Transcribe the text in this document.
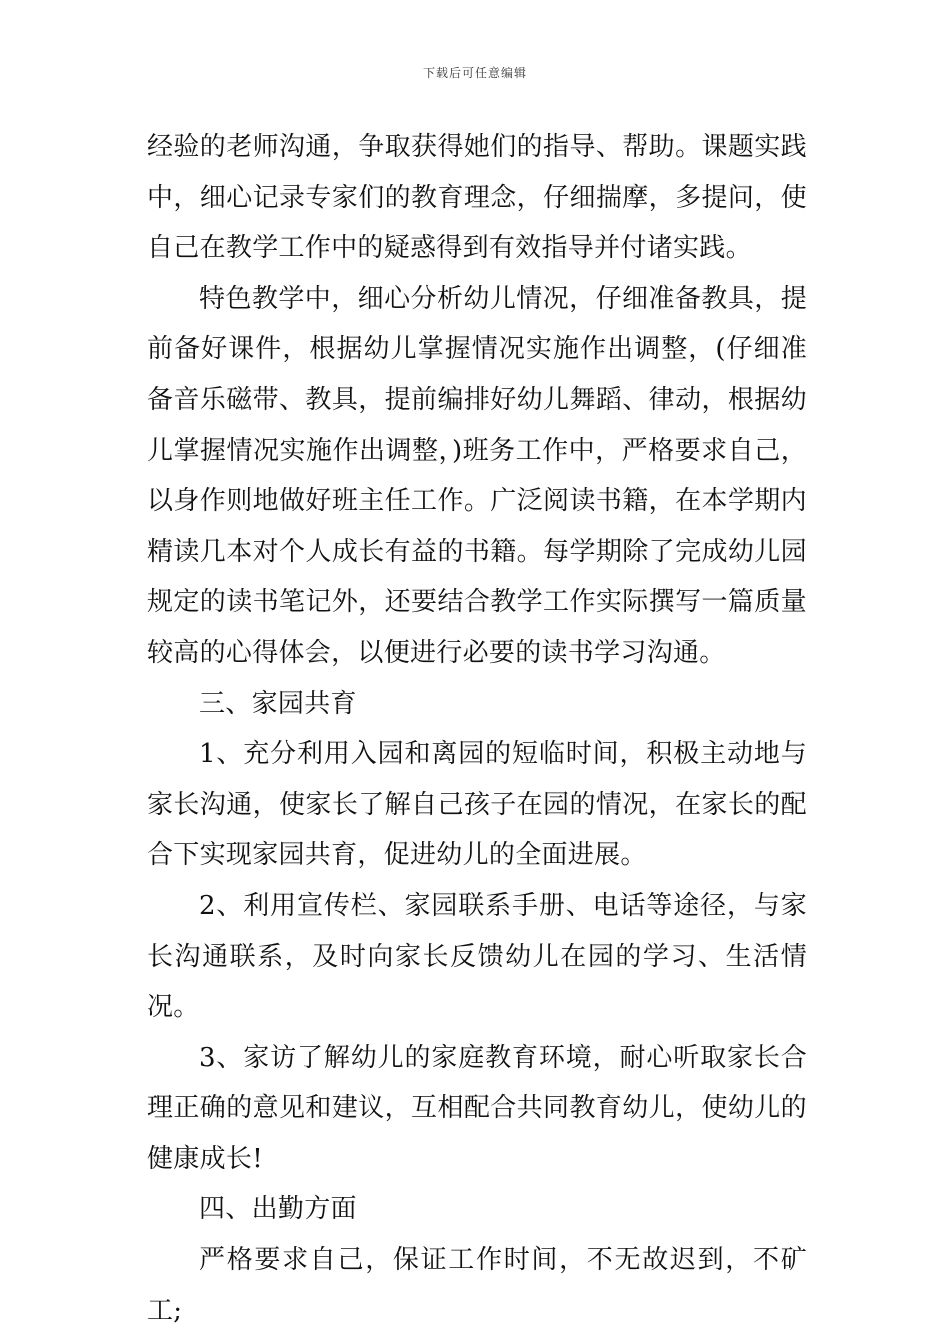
下载后可任意编辑

经验的老师沟通，争取获得她们的指导、帮助。课题实践中，细心记录专家们的教育理念，仔细揣摩，多提问，使自己在教学工作中的疑惑得到有效指导并付诸实践。

特色教学中，细心分析幼儿情况，仔细准备教具，提前备好课件，根据幼儿掌握情况实施作出调整，(仔细准备音乐磁带、教具，提前编排好幼儿舞蹈、律动，根据幼儿掌握情况实施作出调整，)班务工作中，严格要求自己，以身作则地做好班主任工作。广泛阅读书籍，在本学期内精读几本对个人成长有益的书籍。每学期除了完成幼儿园规定的读书笔记外，还要结合教学工作实际撰写一篇质量较高的心得体会，以便进行必要的读书学习沟通。

三、家园共育

1、充分利用入园和离园的短临时间，积极主动地与家长沟通，使家长了解自己孩子在园的情况，在家长的配合下实现家园共育，促进幼儿的全面进展。

2、利用宣传栏、家园联系手册、电话等途径，与家长沟通联系，及时向家长反馈幼儿在园的学习、生活情况。

3、家访了解幼儿的家庭教育环境，耐心听取家长合理正确的意见和建议，互相配合共同教育幼儿，使幼儿的健康成长!

四、出勤方面

严格要求自己，保证工作时间，不无故迟到，不矿工;
